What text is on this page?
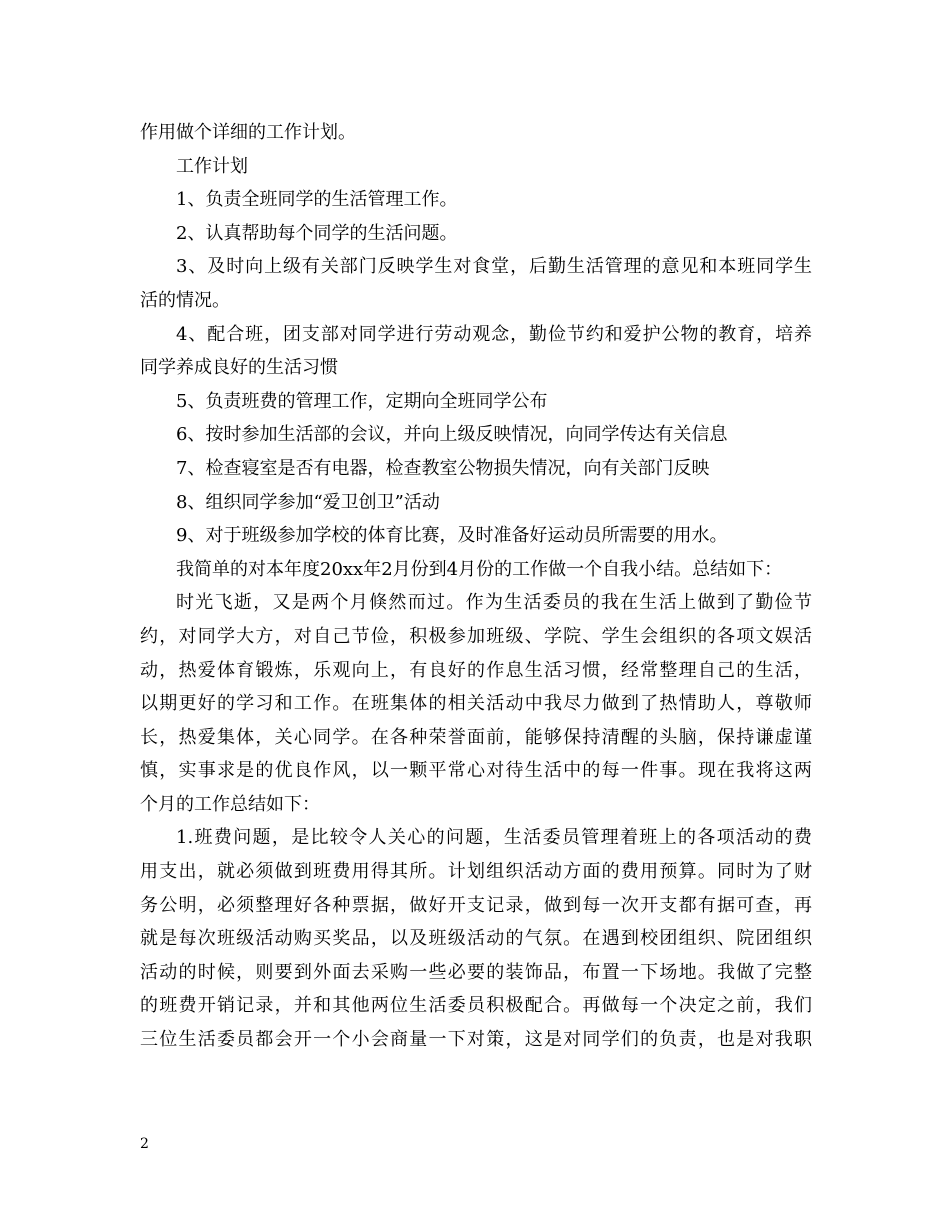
作用做个详细的工作计划。
工作计划
1、负责全班同学的生活管理工作。
2、认真帮助每个同学的生活问题。
3、及时向上级有关部门反映学生对食堂，后勤生活管理的意见和本班同学生
活的情况。
4、配合班，团支部对同学进行劳动观念，勤俭节约和爱护公物的教育，培养
同学养成良好的生活习惯
5、负责班费的管理工作，定期向全班同学公布
6、按时参加生活部的会议，并向上级反映情况，向同学传达有关信息
7、检查寝室是否有电器，检查教室公物损失情况，向有关部门反映
8、组织同学参加“爱卫创卫”活动
9、对于班级参加学校的体育比赛，及时准备好运动员所需要的用水。
我简单的对本年度20xx年2月份到4月份的工作做一个自我小结。总结如下：
时光飞逝，又是两个月倏然而过。作为生活委员的我在生活上做到了勤俭节
约，对同学大方，对自己节俭，积极参加班级、学院、学生会组织的各项文娱活
动，热爱体育锻炼，乐观向上，有良好的作息生活习惯，经常整理自己的生活，
以期更好的学习和工作。在班集体的相关活动中我尽力做到了热情助人，尊敬师
长，热爱集体，关心同学。在各种荣誉面前，能够保持清醒的头脑，保持谦虚谨
慎，实事求是的优良作风，以一颗平常心对待生活中的每一件事。现在我将这两
个月的工作总结如下：
1.班费问题，是比较令人关心的问题，生活委员管理着班上的各项活动的费
用支出，就必须做到班费用得其所。计划组织活动方面的费用预算。同时为了财
务公明，必须整理好各种票据，做好开支记录，做到每一次开支都有据可查，再
就是每次班级活动购买奖品，以及班级活动的气氛。在遇到校团组织、院团组织
活动的时候，则要到外面去采购一些必要的装饰品，布置一下场地。我做了完整
的班费开销记录，并和其他两位生活委员积极配合。再做每一个决定之前，我们
三位生活委员都会开一个小会商量一下对策，这是对同学们的负责，也是对我职
2
